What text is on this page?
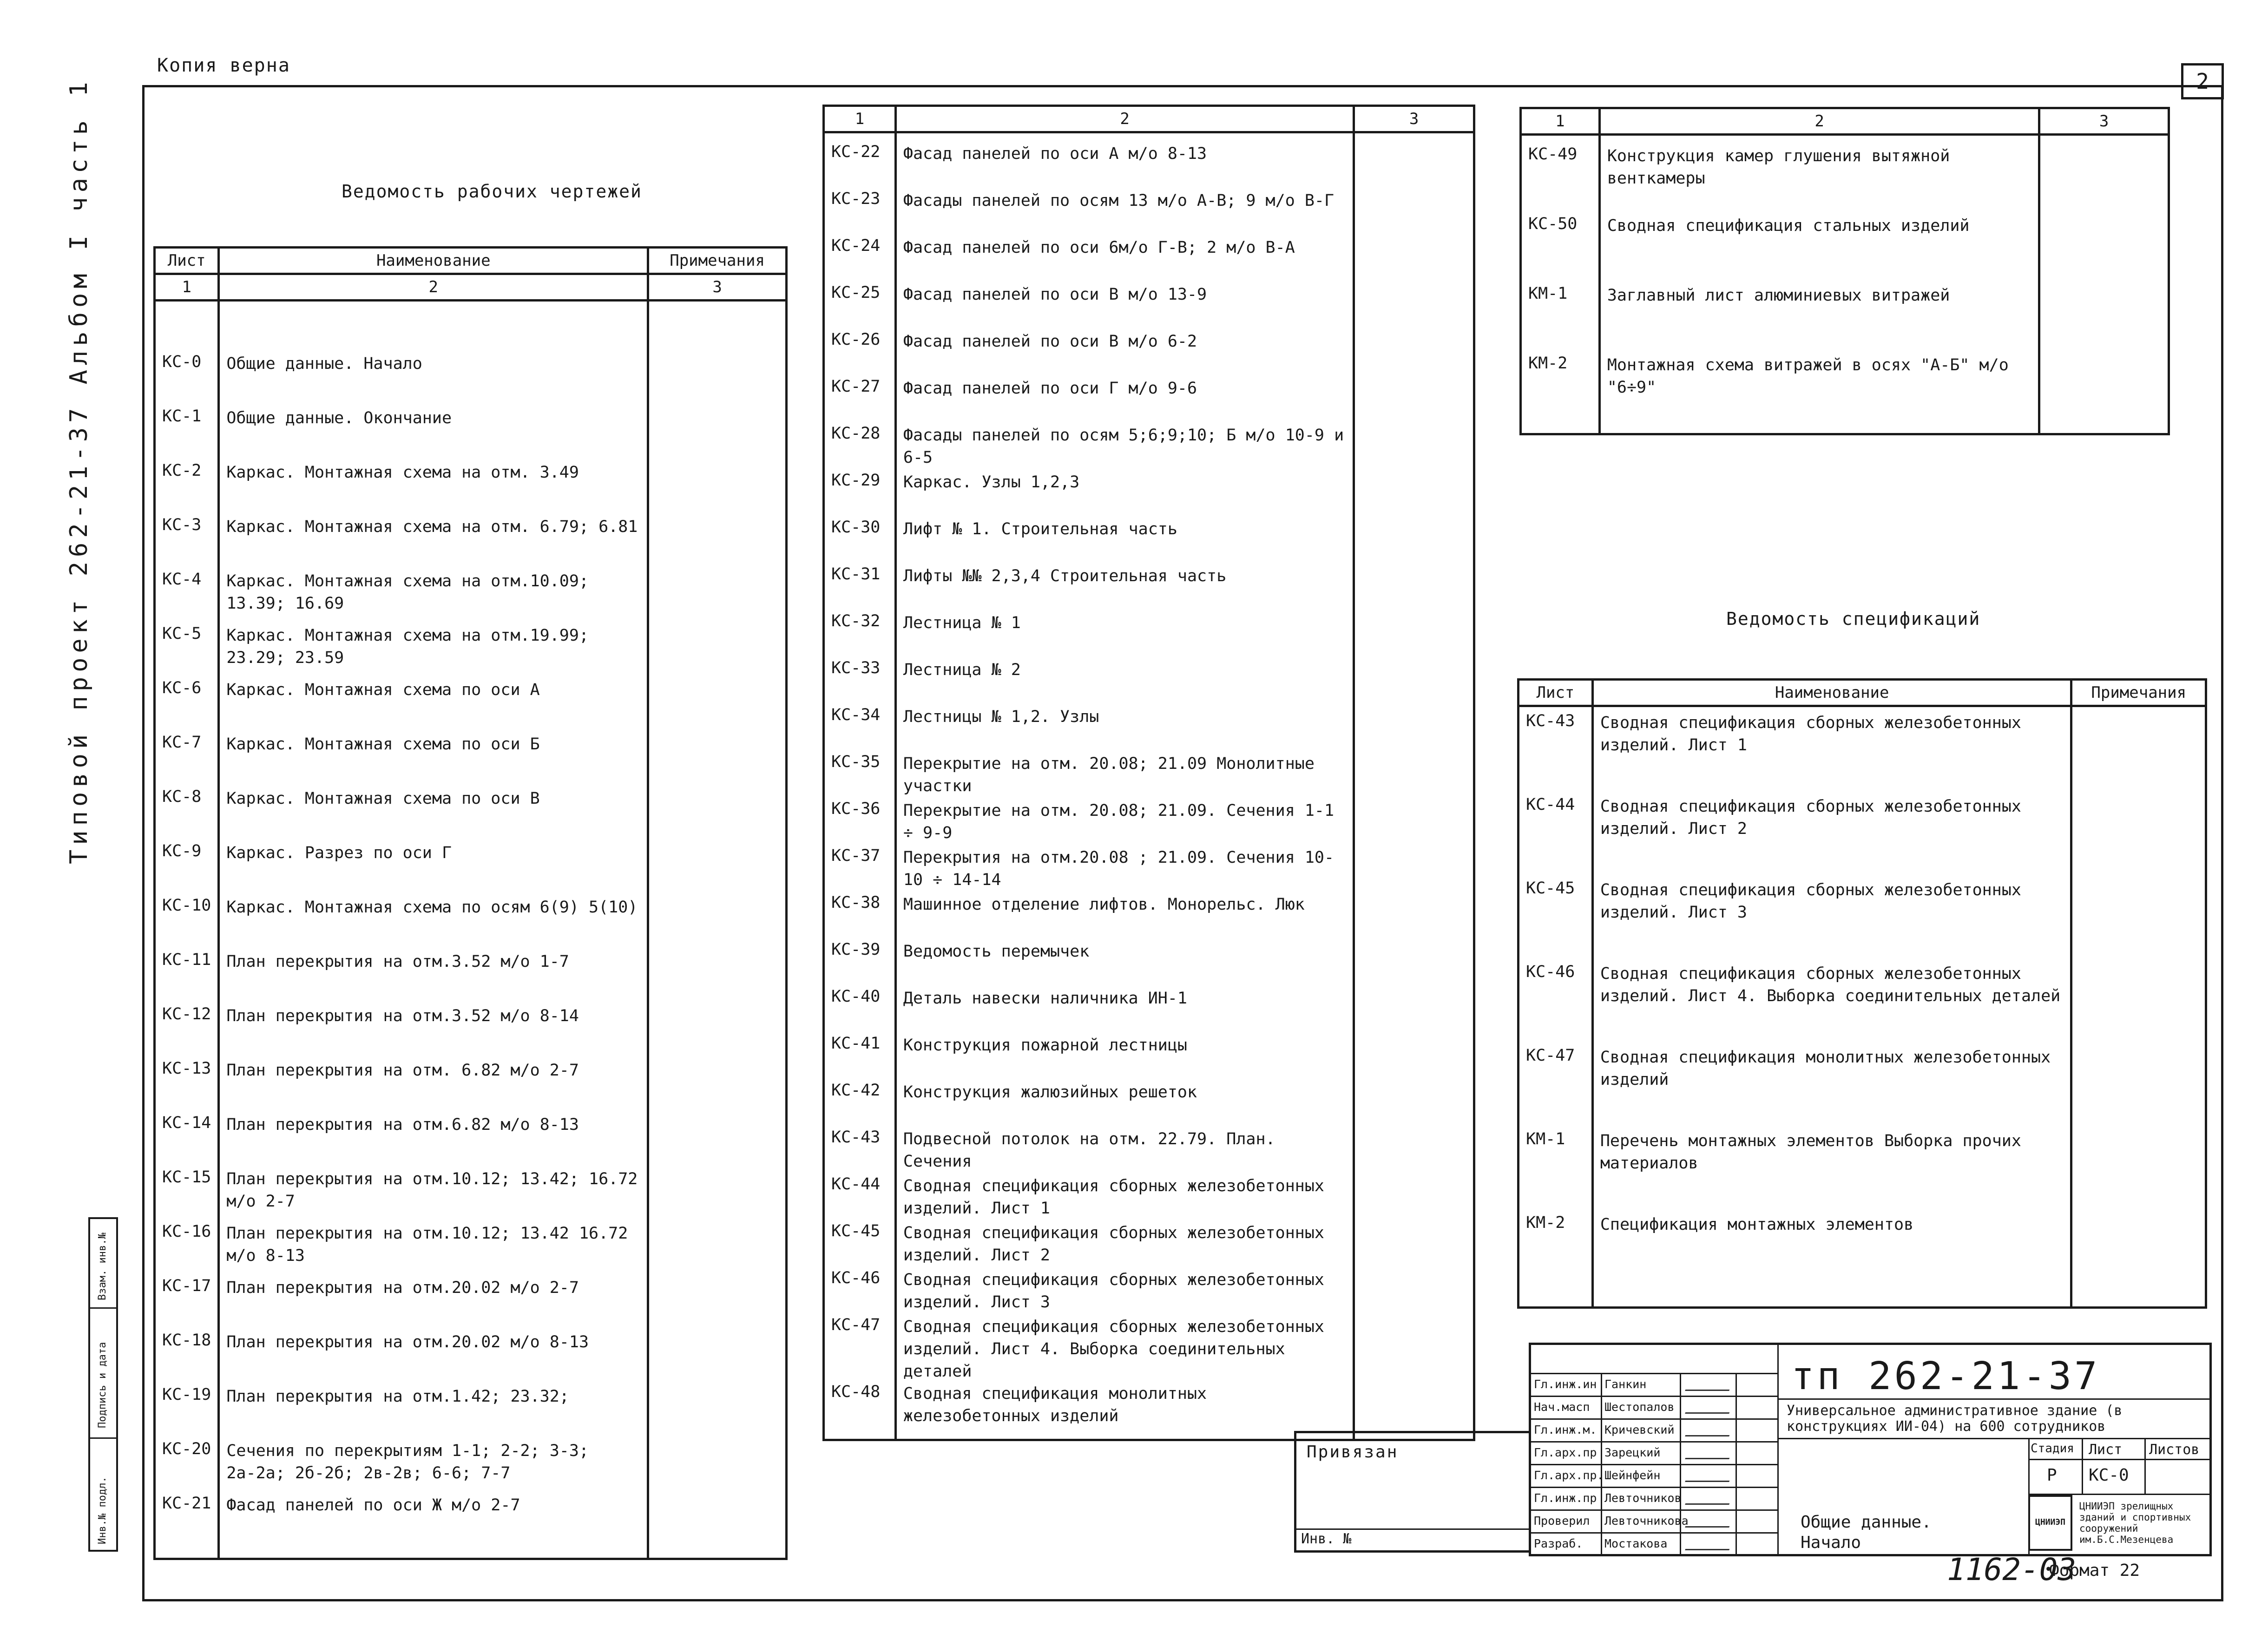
2
Копия верна
Типовой проект 262-21-37 Альбом I часть 1
Инв.№ подл.
Подпись и дата
Взам. инв.№
Ведомость рабочих чертежей
Лист	Наименование	Примечания
1	2	3

КС-0	Общие данные. Начало	
КС-1	Общие данные. Окончание	
КС-2	Каркас. Монтажная схема на отм. 3.49	
КС-3	Каркас. Монтажная схема на отм. 6.79; 6.81	
КС-4	Каркас. Монтажная схема на отм.10.09; 13.39; 16.69	
КС-5	Каркас. Монтажная схема на отм.19.99; 23.29; 23.59	
КС-6	Каркас. Монтажная схема по оси А	
КС-7	Каркас. Монтажная схема по оси Б	
КС-8	Каркас. Монтажная схема по оси В	
КС-9	Каркас. Разрез по оси Г	
КС-10	Каркас. Монтажная схема по осям 6(9) 5(10)	
КС-11	План перекрытия на отм.3.52 м/о 1-7	
КС-12	План перекрытия на отм.3.52 м/о 8-14	
КС-13	План перекрытия на отм. 6.82 м/о 2-7	
КС-14	План перекрытия на отм.6.82 м/о 8-13	
КС-15	План перекрытия на отм.10.12; 13.42; 16.72 м/о 2-7	
КС-16	План перекрытия на отм.10.12; 13.42 16.72 м/о 8-13	
КС-17	План перекрытия на отм.20.02 м/о 2-7	
КС-18	План перекрытия на отм.20.02 м/о 8-13	
КС-19	План перекрытия на отм.1.42; 23.32;	
КС-20	Сечения по перекрытиям 1-1; 2-2; 3-3; 2а-2а; 2б-2б; 2в-2в; 6-6; 7-7	
КС-21	Фасад панелей по оси Ж м/о 2-7	

1	2	3

КС-22	Фасад панелей по оси А м/о 8-13	
КС-23	Фасады панелей по осям 13 м/о А-В; 9 м/о В-Г	
КС-24	Фасад панелей по оси 6м/о Г-В; 2 м/о В-А	
КС-25	Фасад панелей по оси В м/о 13-9	
КС-26	Фасад панелей по оси В м/о 6-2	
КС-27	Фасад панелей по оси Г м/о 9-6	
КС-28	Фасады панелей по осям 5;6;9;10; Б м/о 10-9 и 6-5	
КС-29	Каркас. Узлы 1,2,3	
КС-30	Лифт № 1. Строительная часть	
КС-31	Лифты №№ 2,3,4 Строительная часть	
КС-32	Лестница № 1	
КС-33	Лестница № 2	
КС-34	Лестницы № 1,2. Узлы	
КС-35	Перекрытие на отм. 20.08; 21.09 Монолитные участки	
КС-36	Перекрытие на отм. 20.08; 21.09. Сечения 1-1 ÷ 9-9	
КС-37	Перекрытия на отм.20.08 ; 21.09. Сечения 10-10 ÷ 14-14	
КС-38	Машинное отделение лифтов. Монорельс. Люк	
КС-39	Ведомость перемычек	
КС-40	Деталь навески наличника ИН-1	
КС-41	Конструкция пожарной лестницы	
КС-42	Конструкция жалюзийных решеток	
КС-43	Подвесной потолок на отм. 22.79. План. Сечения	
КС-44	Сводная спецификация сборных железобетонных изделий. Лист 1	
КС-45	Сводная спецификация сборных железобетонных изделий. Лист 2	
КС-46	Сводная спецификация сборных железобетонных изделий. Лист 3	
КС-47	Сводная спецификация сборных железобетонных изделий. Лист 4. Выборка соединительных деталей	
КС-48	Сводная спецификация монолитных железобетонных изделий	

1	2	3

КС-49	Конструкция камер глушения вытяжной венткамеры	
КС-50	Сводная спецификация стальных изделий	
КМ-1	Заглавный лист алюминиевых витражей	
КМ-2	Монтажная схема витражей в осях "А-Б" м/о "6÷9"	

Ведомость спецификаций
Лист	Наименование	Примечания

КС-43	Сводная спецификация сборных железобетонных изделий. Лист 1	
КС-44	Сводная спецификация сборных железобетонных изделий. Лист 2	
КС-45	Сводная спецификация сборных железобетонных изделий. Лист 3	
КС-46	Сводная спецификация сборных железобетонных изделий. Лист 4. Выборка соединительных деталей	
КС-47	Сводная спецификация монолитных железобетонных изделий	
КМ-1	Перечень монтажных элементов Выборка прочих материалов	
КМ-2	Спецификация монтажных элементов	

Привязан
Инв. №
Гл.инж.ин Ганкин
Нач.масп Шестопалов
Гл.инж.м. Кричевский
Гл.арх.пр Зарецкий
Гл.арх.пр. Шейнфейн
Гл.инж.пр Левточников
Проверил Левточникова
Разраб. Мостакова
тп 262-21-37
Универсальное административное здание (в конструкциях ИИ-04) на 600 сотрудников
Стадия Лист Листов
Р КС-0
Общие данные. Начало
ЦНИИЭП зрелищных зданий и спортивных сооружений им.Б.С.Мезенцева
ЦНИИЭП
1162-03
Формат 22
